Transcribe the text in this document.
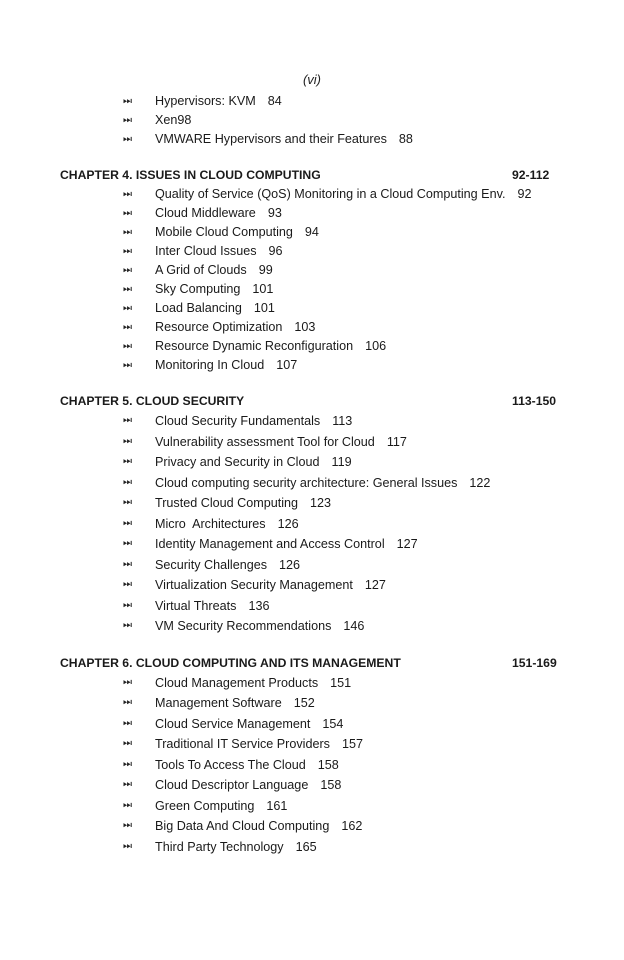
(vi)
⏭ Hypervisors: KVM 84
⏭ Xen98
⏭ VMWARE Hypervisors and their Features 88
CHAPTER 4. ISSUES IN CLOUD COMPUTING	92-112
⏭ Quality of Service (QoS) Monitoring in a Cloud Computing Env. 92
⏭ Cloud Middleware 93
⏭ Mobile Cloud Computing 94
⏭ Inter Cloud Issues 96
⏭ A Grid of Clouds 99
⏭ Sky Computing 101
⏭ Load Balancing 101
⏭ Resource Optimization 103
⏭ Resource Dynamic Reconfiguration 106
⏭ Monitoring In Cloud 107
CHAPTER 5. CLOUD SECURITY	113-150
⏭ Cloud Security Fundamentals 113
⏭ Vulnerability assessment Tool for Cloud 117
⏭ Privacy and Security in Cloud 119
⏭ Cloud computing security architecture: General Issues 122
⏭ Trusted Cloud Computing 123
⏭ Micro  Architectures 126
⏭ Identity Management and Access Control 127
⏭ Security Challenges 126
⏭ Virtualization Security Management 127
⏭ Virtual Threats 136
⏭ VM Security Recommendations 146
CHAPTER 6. CLOUD COMPUTING AND ITS MANAGEMENT	151-169
⏭ Cloud Management Products 151
⏭ Management Software 152
⏭ Cloud Service Management 154
⏭ Traditional IT Service Providers 157
⏭ Tools To Access The Cloud 158
⏭ Cloud Descriptor Language 158
⏭ Green Computing 161
⏭ Big Data And Cloud Computing 162
⏭ Third Party Technology 165
